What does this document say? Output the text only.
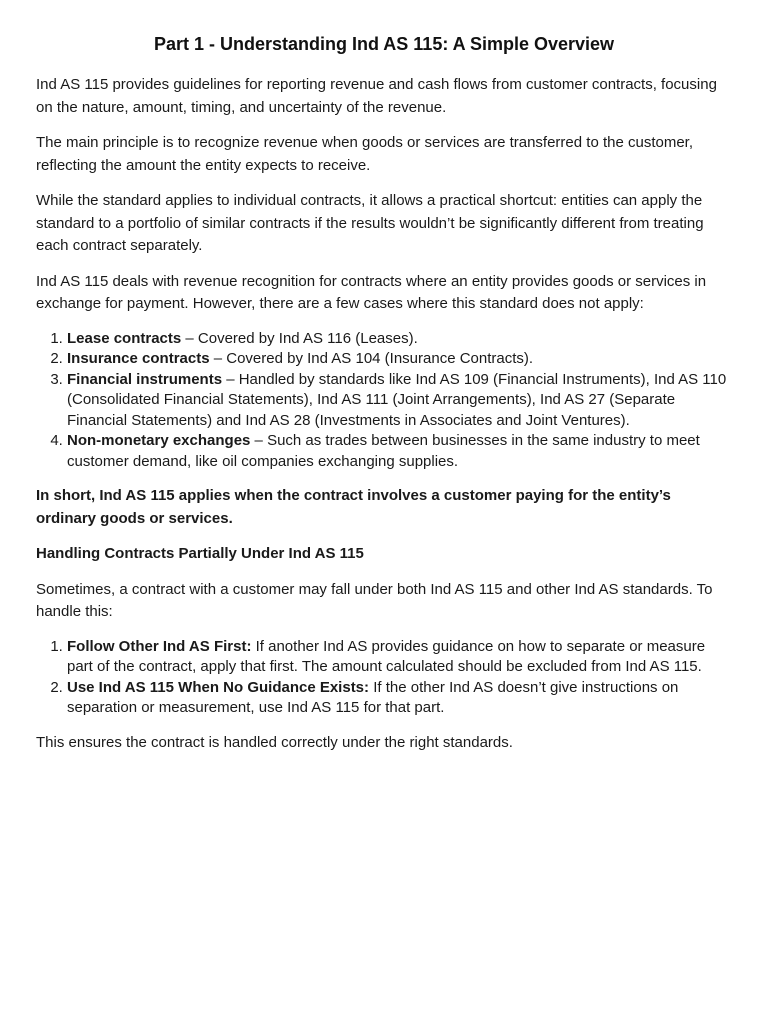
Part 1 - Understanding Ind AS 115: A Simple Overview

Ind AS 115 provides guidelines for reporting revenue and cash flows from customer contracts, focusing on the nature, amount, timing, and uncertainty of the revenue.

The main principle is to recognize revenue when goods or services are transferred to the customer, reflecting the amount the entity expects to receive.

While the standard applies to individual contracts, it allows a practical shortcut: entities can apply the standard to a portfolio of similar contracts if the results wouldn’t be significantly different from treating each contract separately.

Ind AS 115 deals with revenue recognition for contracts where an entity provides goods or services in exchange for payment. However, there are a few cases where this standard does not apply:

1. Lease contracts – Covered by Ind AS 116 (Leases).
2. Insurance contracts – Covered by Ind AS 104 (Insurance Contracts).
3. Financial instruments – Handled by standards like Ind AS 109 (Financial Instruments), Ind AS 110 (Consolidated Financial Statements), Ind AS 111 (Joint Arrangements), Ind AS 27 (Separate Financial Statements) and Ind AS 28 (Investments in Associates and Joint Ventures).
4. Non-monetary exchanges – Such as trades between businesses in the same industry to meet customer demand, like oil companies exchanging supplies.

In short, Ind AS 115 applies when the contract involves a customer paying for the entity’s ordinary goods or services.

Handling Contracts Partially Under Ind AS 115

Sometimes, a contract with a customer may fall under both Ind AS 115 and other Ind AS standards. To handle this:

1. Follow Other Ind AS First: If another Ind AS provides guidance on how to separate or measure part of the contract, apply that first. The amount calculated should be excluded from Ind AS 115.
2. Use Ind AS 115 When No Guidance Exists: If the other Ind AS doesn’t give instructions on separation or measurement, use Ind AS 115 for that part.

This ensures the contract is handled correctly under the right standards.
